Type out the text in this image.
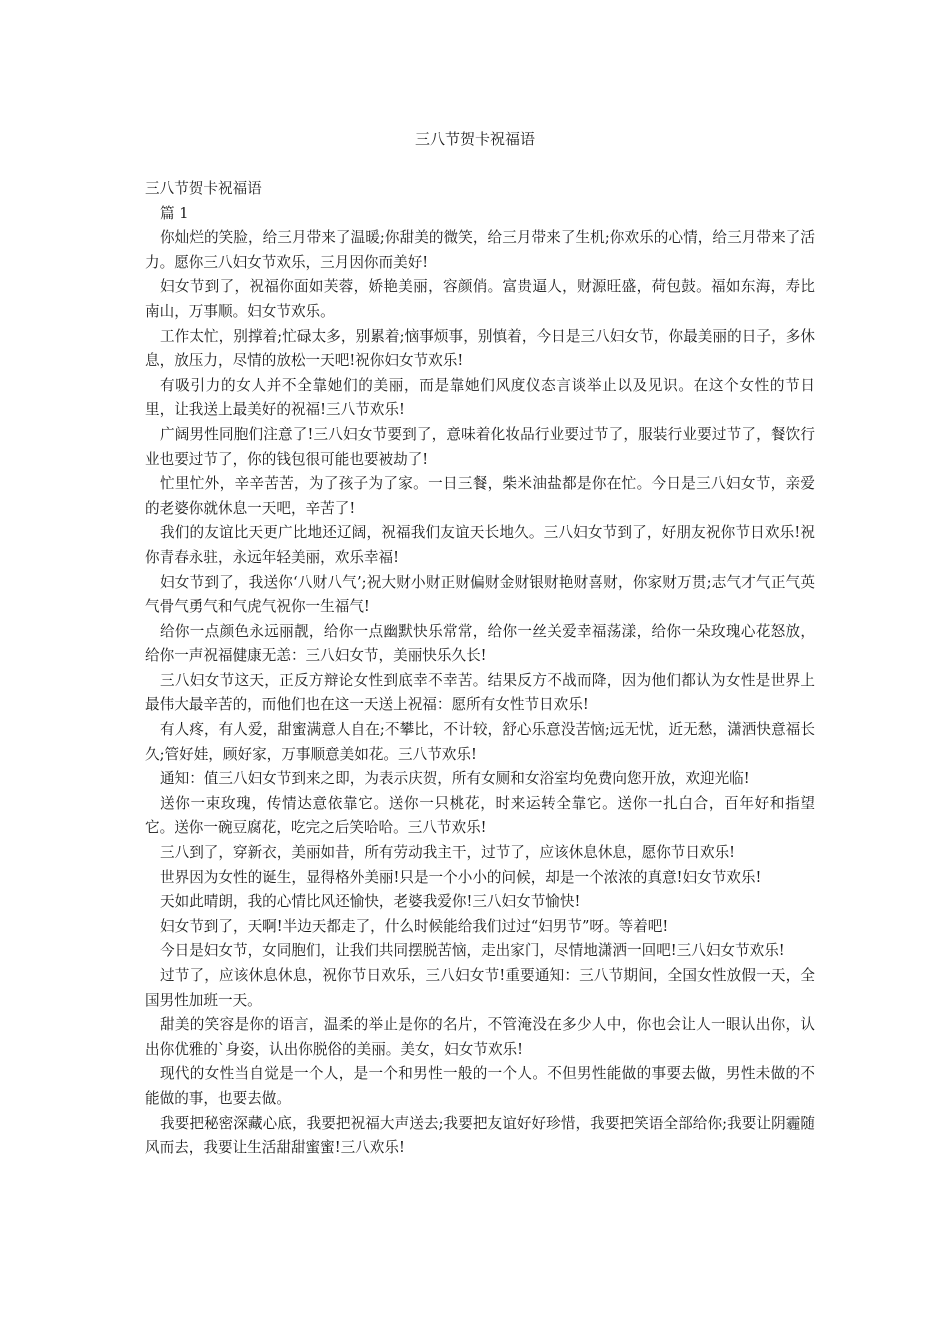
三八节贺卡祝福语

三八节贺卡祝福语

篇 1

你灿烂的笑脸，给三月带来了温暖;你甜美的微笑，给三月带来了生机;你欢乐的心情，给三月带来了活力。愿你三八妇女节欢乐，三月因你而美好!

妇女节到了，祝福你面如芙蓉，娇艳美丽，容颜俏。富贵逼人，财源旺盛，荷包鼓。福如东海，寿比南山，万事顺。妇女节欢乐。

工作太忙，别撑着;忙碌太多，别累着;恼事烦事，别慎着，今日是三八妇女节，你最美丽的日子，多休息，放压力，尽情的放松一天吧!祝你妇女节欢乐!

有吸引力的女人并不全靠她们的美丽，而是靠她们风度仪态言谈举止以及见识。在这个女性的节日里，让我送上最美好的祝福!三八节欢乐!

广阔男性同胞们注意了!三八妇女节要到了，意味着化妆品行业要过节了，服装行业要过节了，餐饮行业也要过节了，你的钱包很可能也要被劫了!

忙里忙外，辛辛苦苦，为了孩子为了家。一日三餐，柴米油盐都是你在忙。今日是三八妇女节，亲爱的老婆你就休息一天吧，辛苦了!

我们的友谊比天更广比地还辽阔，祝福我们友谊天长地久。三八妇女节到了，好朋友祝你节日欢乐!祝你青春永驻，永远年轻美丽，欢乐幸福!

妇女节到了，我送你‘八财八气’;祝大财小财正财偏财金财银财艳财喜财，你家财万贯;志气才气正气英气骨气勇气和气虎气祝你一生福气!

给你一点颜色永远丽靓，给你一点幽默快乐常常，给你一丝关爱幸福荡漾，给你一朵玫瑰心花怒放，给你一声祝福健康无恙：三八妇女节，美丽快乐久长!

三八妇女节这天，正反方辩论女性到底幸不幸苦。结果反方不战而降，因为他们都认为女性是世界上最伟大最辛苦的，而他们也在这一天送上祝福：愿所有女性节日欢乐!

有人疼，有人爱，甜蜜满意人自在;不攀比，不计较，舒心乐意没苦恼;远无忧，近无愁，潇洒快意福长久;管好娃，顾好家，万事顺意美如花。三八节欢乐!

通知：值三八妇女节到来之即，为表示庆贺，所有女厕和女浴室均免费向您开放，欢迎光临!

送你一束玫瑰，传情达意依靠它。送你一只桃花，时来运转全靠它。送你一扎白合，百年好和指望它。送你一碗豆腐花，吃完之后笑哈哈。三八节欢乐!

三八到了，穿新衣，美丽如昔，所有劳动我主干，过节了，应该休息休息，愿你节日欢乐!

世界因为女性的诞生，显得格外美丽!只是一个小小的问候，却是一个浓浓的真意!妇女节欢乐!

天如此晴朗，我的心情比风还愉快，老婆我爱你!三八妇女节愉快!

妇女节到了，天啊!半边天都走了，什么时候能给我们过过“妇男节”呀。等着吧!

今日是妇女节，女同胞们，让我们共同摆脱苦恼，走出家门，尽情地潇洒一回吧!三八妇女节欢乐!

过节了，应该休息休息，祝你节日欢乐，三八妇女节!重要通知：三八节期间，全国女性放假一天，全国男性加班一天。

甜美的笑容是你的语言，温柔的举止是你的名片，不管淹没在多少人中，你也会让人一眼认出你，认出你优雅的`身姿，认出你脱俗的美丽。美女，妇女节欢乐!

现代的女性当自觉是一个人，是一个和男性一般的一个人。不但男性能做的事要去做，男性未做的不能做的事，也要去做。

我要把秘密深藏心底，我要把祝福大声送去;我要把友谊好好珍惜，我要把笑语全部给你;我要让阴霾随风而去，我要让生活甜甜蜜蜜!三八欢乐!
